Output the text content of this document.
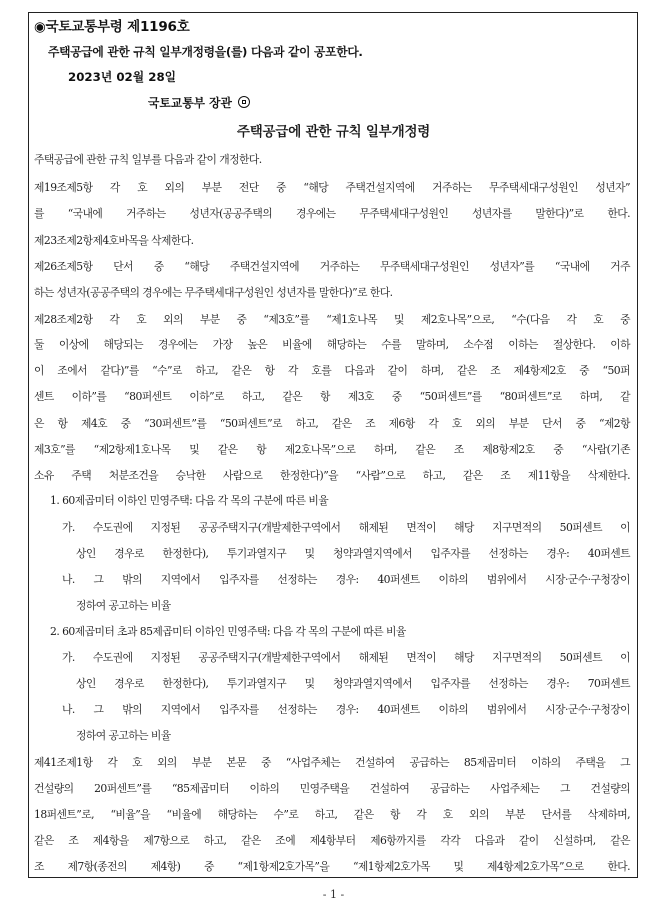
◉국토교통부령 제1196호
주택공급에 관한 규칙 일부개정령을(를) 다음과 같이 공포한다.
2023년 02월 28일
국토교통부 장관
주택공급에 관한 규칙 일부개정령
주택공급에 관한 규칙 일부를 다음과 같이 개정한다.
제19조제5항 각 호 외의 부분 전단 중 “해당 주택건설지역에 거주하는 무주택세대구성원인 성년자”
를 “국내에 거주하는 성년자(공공주택의 경우에는 무주택세대구성원인 성년자를 말한다)”로 한다.
제23조제2항제4호바목을 삭제한다.
제26조제5항 단서 중 “해당 주택건설지역에 거주하는 무주택세대구성원인 성년자”를 “국내에 거주
하는 성년자(공공주택의 경우에는 무주택세대구성원인 성년자를 말한다)”로 한다.
제28조제2항 각 호 외의 부분 중 “제3호”를 “제1호나목 및 제2호나목”으로, “수(다음 각 호 중
둘 이상에 해당되는 경우에는 가장 높은 비율에 해당하는 수를 말하며, 소수점 이하는 절상한다. 이하
이 조에서 같다)”를 “수”로 하고, 같은 항 각 호를 다음과 같이 하며, 같은 조 제4항제2호 중 “50퍼
센트 이하”를 “80퍼센트 이하”로 하고, 같은 항 제3호 중 “50퍼센트”를 “80퍼센트”로 하며, 같
은 항 제4호 중 “30퍼센트”를 “50퍼센트”로 하고, 같은 조 제6항 각 호 외의 부분 단서 중 “제2항
제3호”를 “제2항제1호나목 및 같은 항 제2호나목”으로 하며, 같은 조 제8항제2호 중 “사람(기존
소유 주택 처분조건을 승낙한 사람으로 한정한다)”을 “사람”으로 하고, 같은 조 제11항을 삭제한다.
1. 60제곱미터 이하인 민영주택: 다음 각 목의 구분에 따른 비율
가. 수도권에 지정된 공공주택지구(개발제한구역에서 해제된 면적이 해당 지구면적의 50퍼센트 이
상인 경우로 한정한다), 투기과열지구 및 청약과열지역에서 입주자를 선정하는 경우: 40퍼센트
나. 그 밖의 지역에서 입주자를 선정하는 경우: 40퍼센트 이하의 범위에서 시장·군수·구청장이
정하여 공고하는 비율
2. 60제곱미터 초과 85제곱미터 이하인 민영주택: 다음 각 목의 구분에 따른 비율
가. 수도권에 지정된 공공주택지구(개발제한구역에서 해제된 면적이 해당 지구면적의 50퍼센트 이
상인 경우로 한정한다), 투기과열지구 및 청약과열지역에서 입주자를 선정하는 경우: 70퍼센트
나. 그 밖의 지역에서 입주자를 선정하는 경우: 40퍼센트 이하의 범위에서 시장·군수·구청장이
정하여 공고하는 비율
제41조제1항 각 호 외의 부분 본문 중 “사업주체는 건설하여 공급하는 85제곱미터 이하의 주택을 그
건설량의 20퍼센트”를 “85제곱미터 이하의 민영주택을 건설하여 공급하는 사업주체는 그 건설량의
18퍼센트”로, “비율”을 “비율에 해당하는 수”로 하고, 같은 항 각 호 외의 부분 단서를 삭제하며,
같은 조 제4항을 제7항으로 하고, 같은 조에 제4항부터 제6항까지를 각각 다음과 같이 신설하며, 같은
조 제7항(종전의 제4항) 중 “제1항제2호가목”을 “제1항제2호가목 및 제4항제2호가목”으로 한다.
- 1 -
